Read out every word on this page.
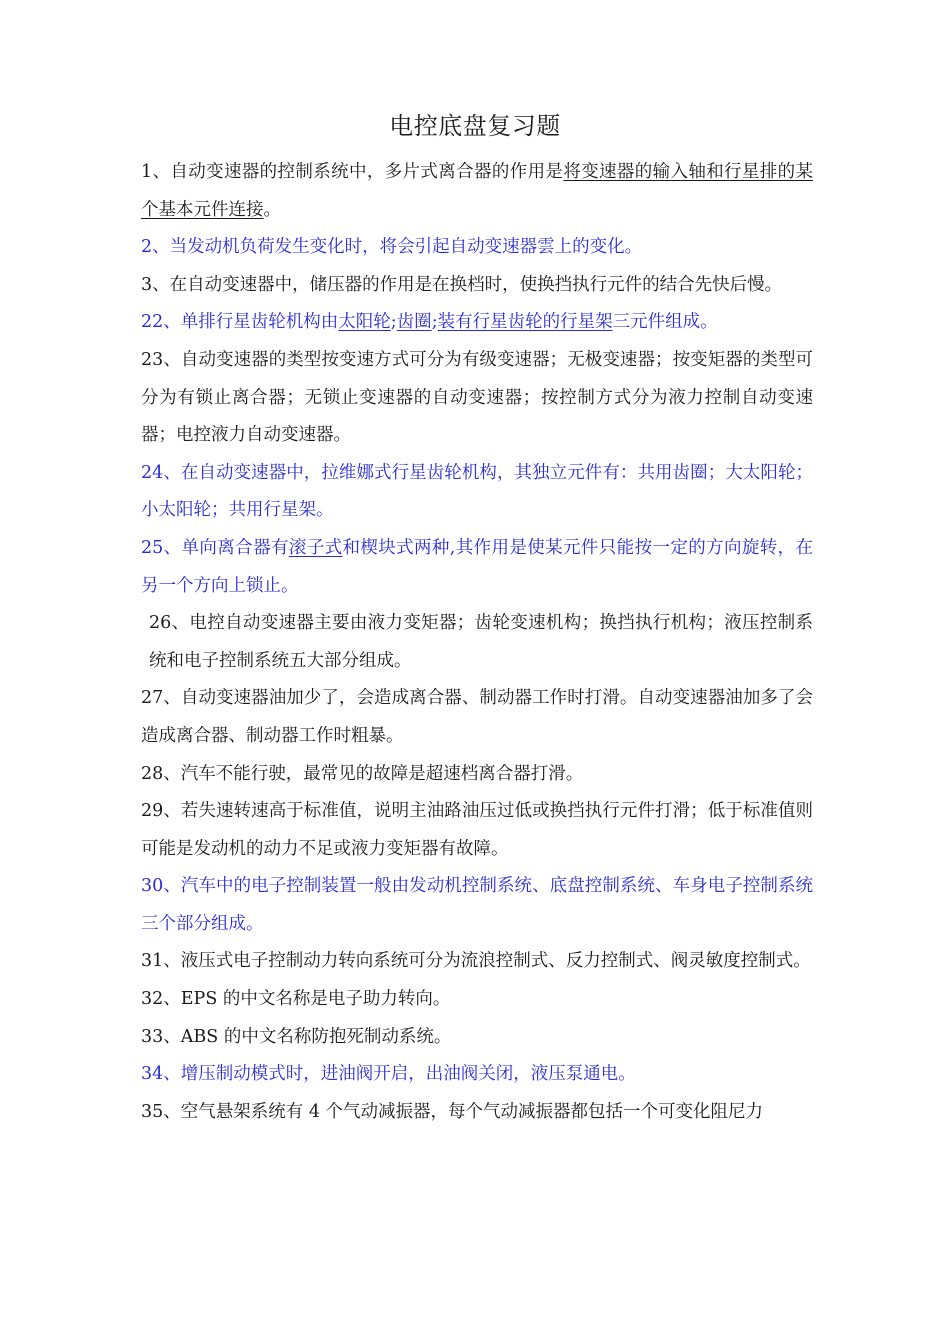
电控底盘复习题

1、自动变速器的控制系统中，多片式离合器的作用是将变速器的输入轴和行星排的某个基本元件连接。

2、当发动机负荷发生变化时，将会引起自动变速器雲上的变化。

3、在自动变速器中，储压器的作用是在换档时，使换挡执行元件的结合先快后慢。

22、单排行星齿轮机构由太阳轮;齿圈;装有行星齿轮的行星架三元件组成。

23、自动变速器的类型按变速方式可分为有级变速器；无极变速器；按变矩器的类型可分为有锁止离合器；无锁止变速器的自动变速器；按控制方式分为液力控制自动变速器；电控液力自动变速器。

24、在自动变速器中，拉维娜式行星齿轮机构，其独立元件有：共用齿圈；大太阳轮；小太阳轮；共用行星架。

25、单向离合器有滚子式和楔块式两种,其作用是使某元件只能按一定的方向旋转，在另一个方向上锁止。

26、电控自动变速器主要由液力变矩器；齿轮变速机构；换挡执行机构；液压控制系统和电子控制系统五大部分组成。

27、自动变速器油加少了，会造成离合器、制动器工作时打滑。自动变速器油加多了会造成离合器、制动器工作时粗暴。

28、汽车不能行驶，最常见的故障是超速档离合器打滑。

29、若失速转速高于标准值，说明主油路油压过低或换挡执行元件打滑；低于标准值则可能是发动机的动力不足或液力变矩器有故障。

30、汽车中的电子控制装置一般由发动机控制系统、底盘控制系统、车身电子控制系统三个部分组成。

31、液压式电子控制动力转向系统可分为流浪控制式、反力控制式、阀灵敏度控制式。

32、EPS 的中文名称是电子助力转向。

33、ABS 的中文名称防抱死制动系统。

34、增压制动模式时，进油阀开启，出油阀关闭，液压泵通电。

35、空气悬架系统有 4 个气动减振器，每个气动减振器都包括一个可变化阻尼力
